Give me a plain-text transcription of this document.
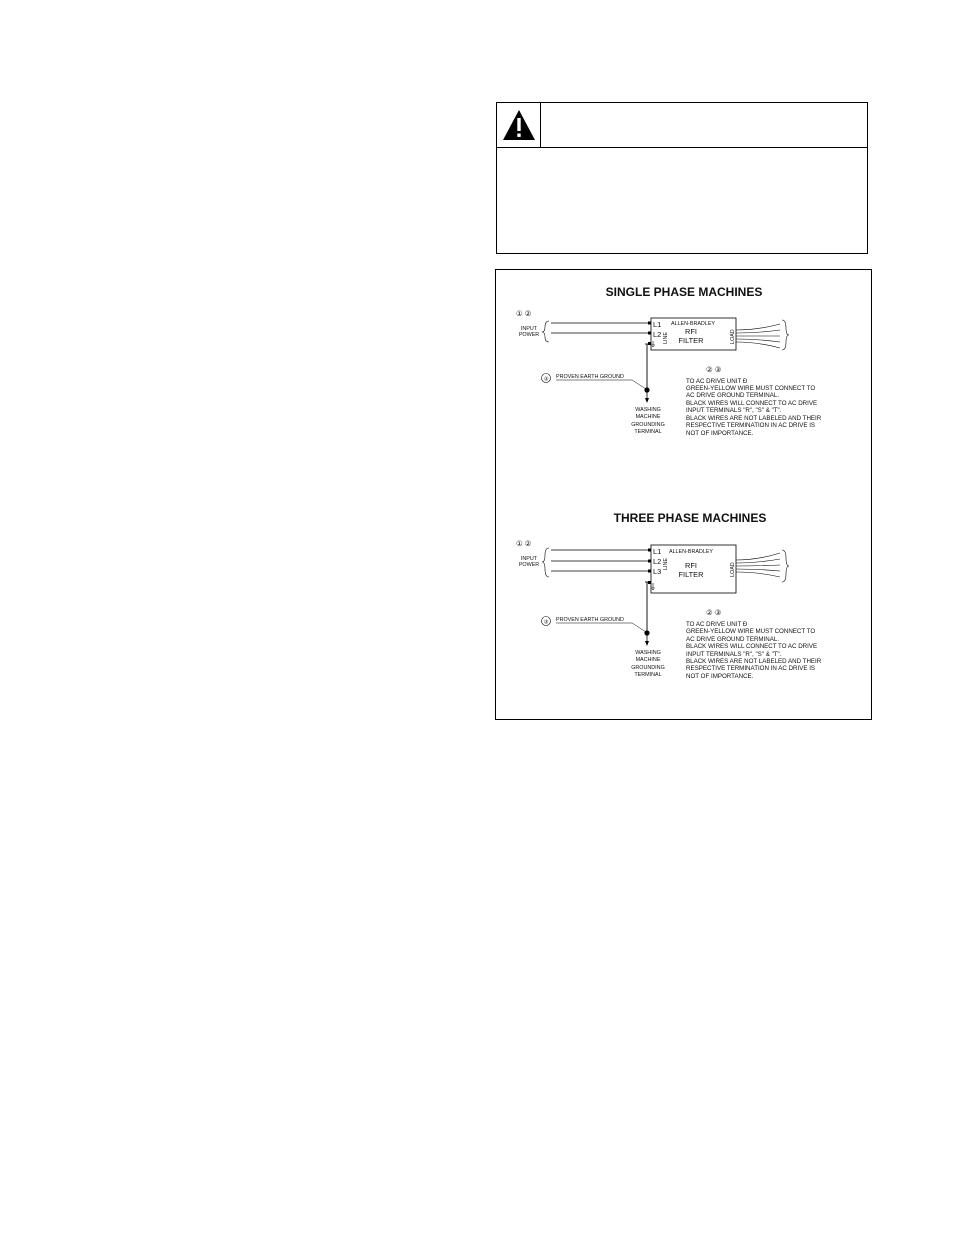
SINGLE PHASE MACHINES
① ②
INPUT
POWER
L1
L2 LINE
ALLEN-BRADLEY
RFI
FILTER	LOAD
③ PROVEN EARTH GROUND
WASHING
MACHINE
GROUNDING
TERMINAL
② ③
TO AC DRIVE UNIT Ð
GREEN-YELLOW WIRE MUST CONNECT TO
AC DRIVE GROUND TERMINAL.
BLACK WIRES WILL CONNECT TO AC DRIVE
INPUT TERMINALS "R", "S" & "T".
BLACK WIRES ARE NOT LABELED AND THEIR
RESPECTIVE TERMINATION IN AC DRIVE IS
NOT OF IMPORTANCE.
THREE PHASE MACHINES
① ②
INPUT
POWER
L1
L2
L3
LINE
ALLEN-BRADLEY
RFI
FILTER	LOAD
③ PROVEN EARTH GROUND
WASHING
MACHINE
GROUNDING
TERMINAL
② ③
TO AC DRIVE UNIT Ð
GREEN-YELLOW WIRE MUST CONNECT TO
AC DRIVE GROUND TERMINAL.
BLACK WIRES WILL CONNECT TO AC DRIVE
INPUT TERMINALS "R", "S" & "T".
BLACK WIRES ARE NOT LABELED AND THEIR
RESPECTIVE TERMINATION IN AC DRIVE IS
NOT OF IMPORTANCE.
